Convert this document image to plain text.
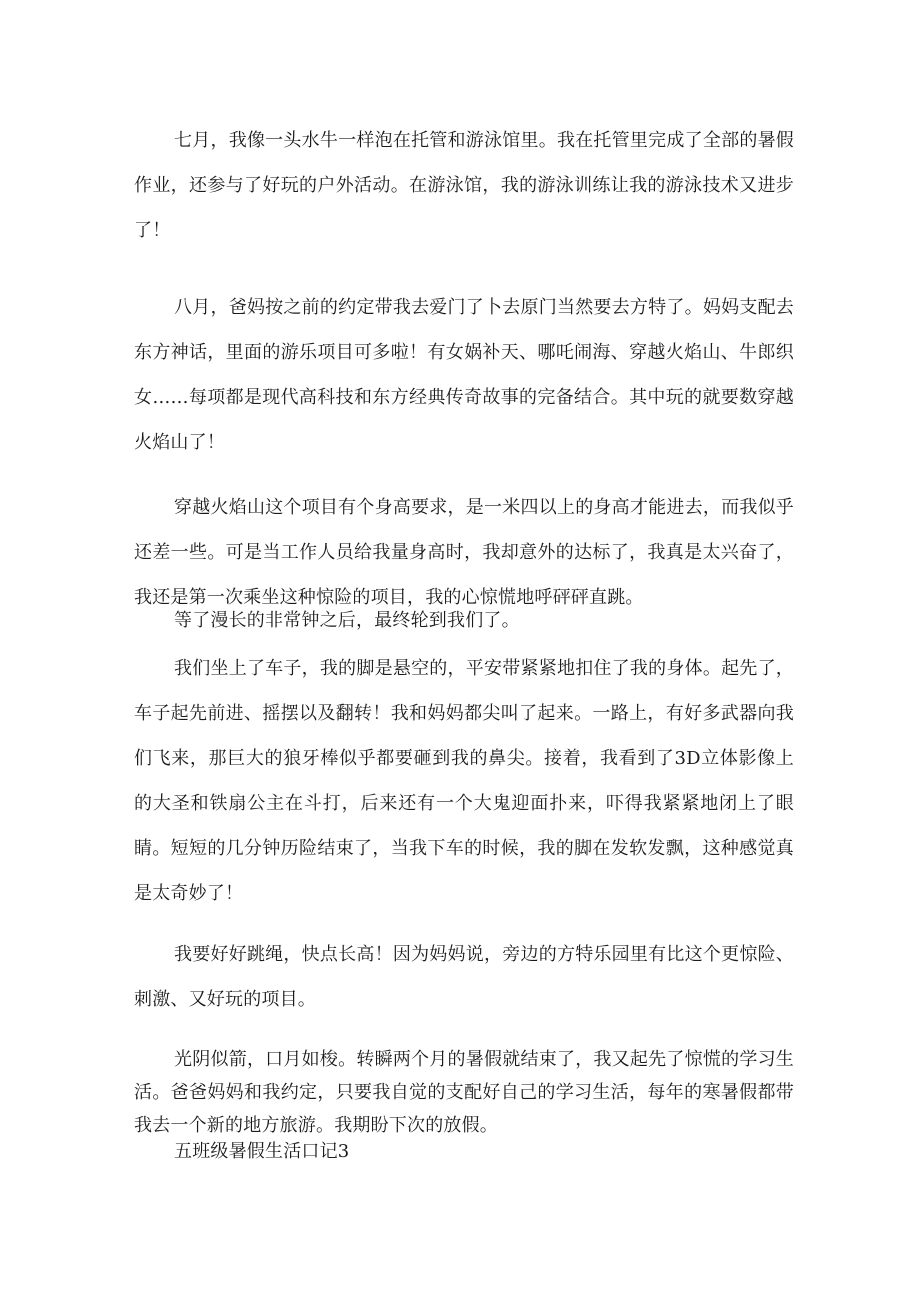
七月，我像一头水牛一样泡在托管和游泳馆里。我在托管里完成了全部的暑假作业，还参与了好玩的户外活动。在游泳馆，我的游泳训练让我的游泳技术又进步了！

八月，爸妈按之前的约定带我去爱门了卜去原门当然要去方特了。妈妈支配去东方神话，里面的游乐项目可多啦！有女娲补天、哪吒闹海、穿越火焰山、牛郎织女……每项都是现代高科技和东方经典传奇故事的完备结合。其中玩的就要数穿越火焰山了！

穿越火焰山这个项目有个身高要求，是一米四以上的身高才能进去，而我似乎还差一些。可是当工作人员给我量身高时，我却意外的达标了，我真是太兴奋了，我还是第一次乘坐这种惊险的项目，我的心惊慌地呼砰砰直跳。

等了漫长的非常钟之后，最终轮到我们了。

我们坐上了车子，我的脚是悬空的，平安带紧紧地扣住了我的身体。起先了，车子起先前进、摇摆以及翻转！我和妈妈都尖叫了起来。一路上，有好多武器向我们飞来，那巨大的狼牙棒似乎都要砸到我的鼻尖。接着，我看到了3D立体影像上的大圣和铁扇公主在斗打，后来还有一个大鬼迎面扑来，吓得我紧紧地闭上了眼睛。短短的几分钟历险结束了，当我下车的时候，我的脚在发软发飘，这种感觉真是太奇妙了！

我要好好跳绳，快点长高！因为妈妈说，旁边的方特乐园里有比这个更惊险、刺激、又好玩的项目。

光阴似箭，口月如梭。转瞬两个月的暑假就结束了，我又起先了惊慌的学习生活。爸爸妈妈和我约定，只要我自觉的支配好自己的学习生活，每年的寒暑假都带我去一个新的地方旅游。我期盼下次的放假。

五班级暑假生活口记3
